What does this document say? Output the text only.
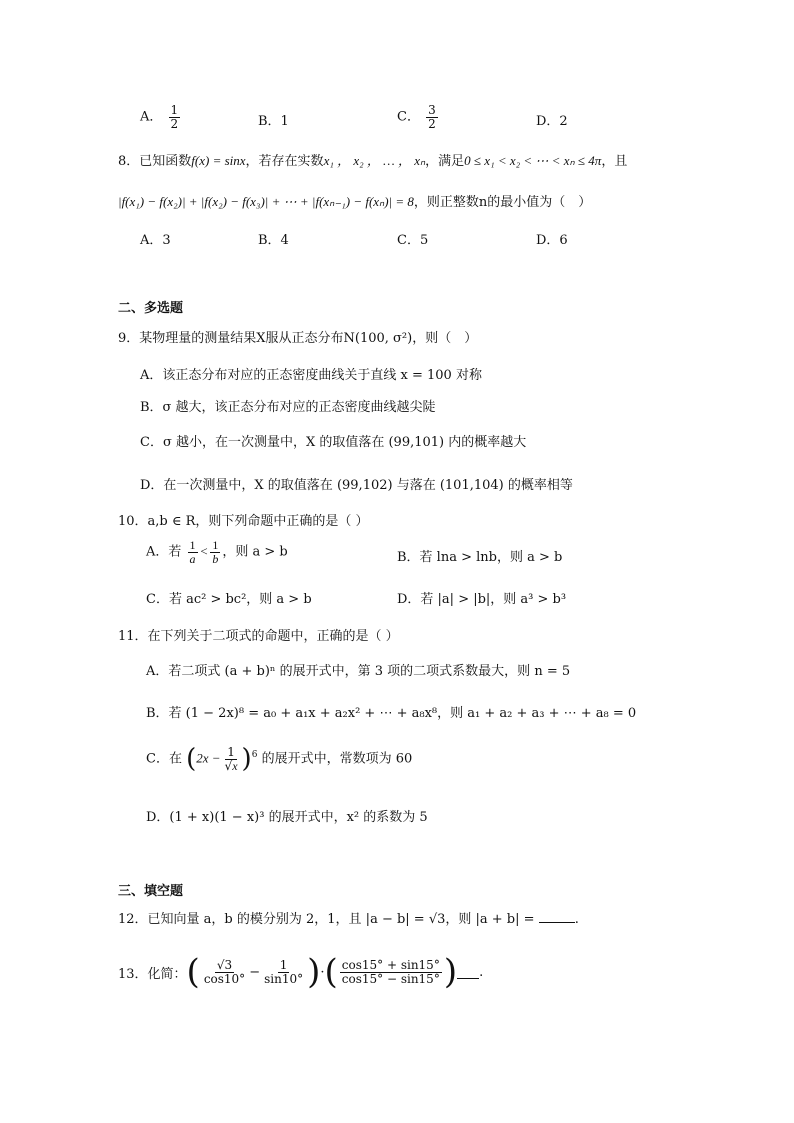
A． $\frac{1}{2}$	B．1	C． $\frac{3}{2}$	D．2
8．已知函数f(x) = sinx，若存在实数x₁ ， x₂ ， … ， xₙ，满足0 ≤ x₁ < x₂ < ⋯ < xₙ ≤ 4π，且
|f(x₁) − f(x₂)| + |f(x₂) − f(x₃)| + ⋯ + |f(xₙ₋₁) − f(xₙ)| = 8，则正整数n的最小值为（　）
A．3	B．4	C．5	D．6
二、多选题
9．某物理量的测量结果X服从正态分布N(100, σ²)，则（　）
A．该正态分布对应的正态密度曲线关于直线 x = 100 对称
B．σ 越大，该正态分布对应的正态密度曲线越尖陡
C．σ 越小，在一次测量中，X 的取值落在 (99,101) 内的概率越大
D．在一次测量中，X 的取值落在 (99,102) 与落在 (101,104) 的概率相等
10．a,b ∈ R，则下列命题中正确的是（ ）
A．若 $\frac{1}{a} < \frac{1}{b}$ ，则 a > b	B．若 lna > lnb，则 a > b
C．若 ac² > bc²，则 a > b	D．若 |a| > |b|，则 a³ > b³
11．在下列关于二项式的命题中，正确的是（ ）
A．若二项式 (a + b)ⁿ 的展开式中，第 3 项的二项式系数最大，则 n = 5
B．若 (1 − 2x)⁸ = a₀ + a₁x + a₂x² + ⋯ + a₈x⁸，则 a₁ + a₂ + a₃ + ⋯ + a₈ = 0
C．在 $(2x - \frac{1}{√x} )^6$ 的展开式中，常数项为 60
D．(1 + x)(1 − x)³ 的展开式中，x² 的系数为 5
三、填空题
12．已知向量 a，b 的模分别为 2，1，且 |a − b| = √3，则 |a + b| =	.
13．化简： ( $\frac{√3}{\cos 10^\circ} - \frac{1}{\sin 10^\circ}$ ) · ( $\frac{\cos 15^\circ + \sin 15^\circ}{\cos 15^\circ - \sin 15^\circ}$ ) .
